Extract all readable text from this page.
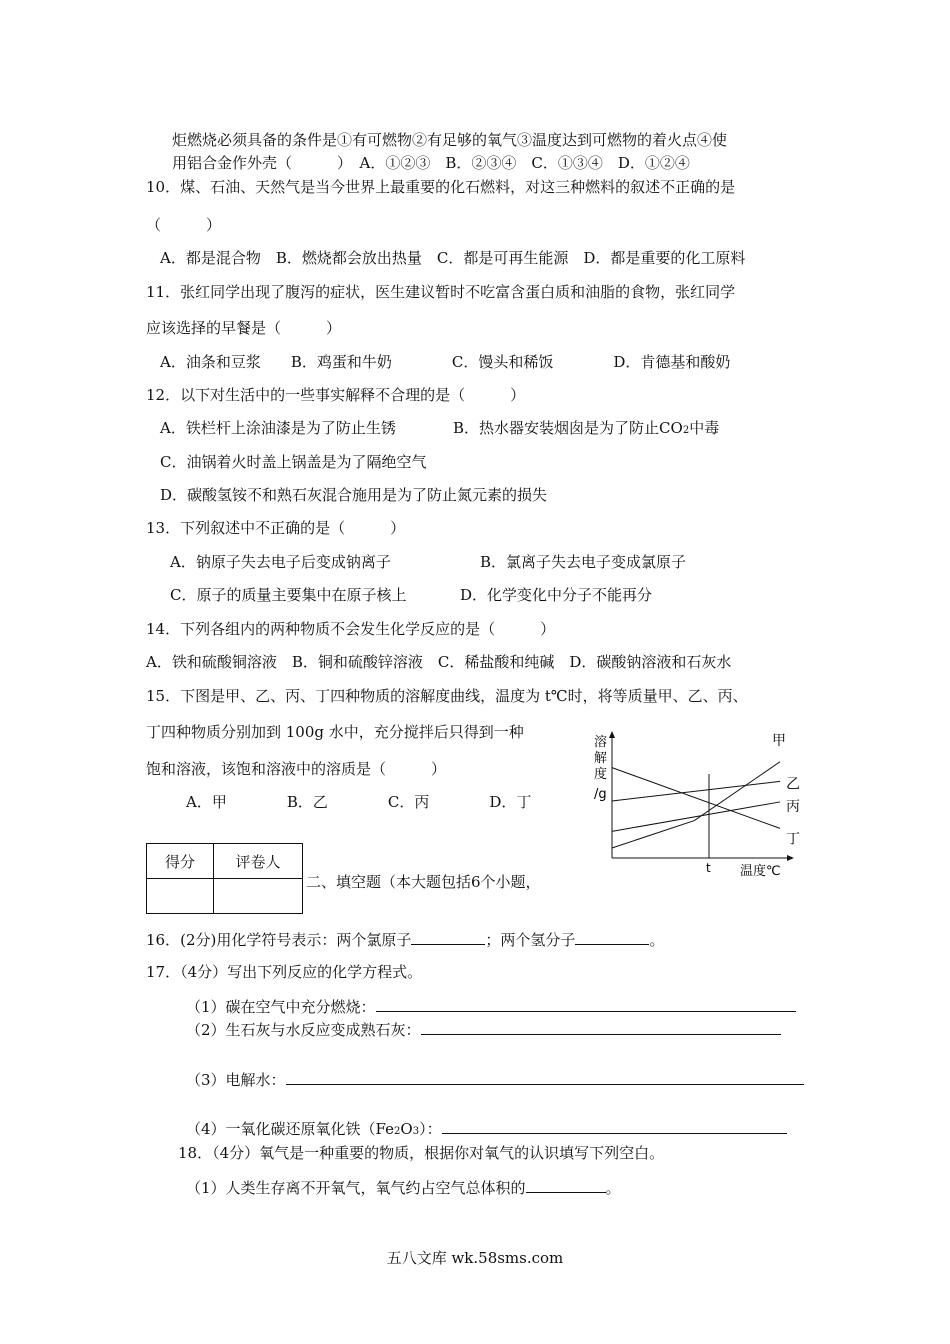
炬燃烧必须具备的条件是①有可燃物②有足够的氧气③温度达到可燃物的着火点④使
用铝合金作外壳（　　　）　A．①②③　B．②③④　C．①③④　D．①②④
10．煤、石油、天然气是当今世界上最重要的化石燃料，对这三种燃料的叙述不正确的是
（　　　）
A．都是混合物　B．燃烧都会放出热量　C．都是可再生能源　D．都是重要的化工原料
11．张红同学出现了腹泻的症状，医生建议暂时不吃富含蛋白质和油脂的食物，张红同学
应该选择的早餐是（　　　）
A．油条和豆浆　　B．鸡蛋和牛奶　　　　C．馒头和稀饭　　　　D．肯德基和酸奶
12．以下对生活中的一些事实解释不合理的是（　　　）
A．铁栏杆上涂油漆是为了防止生锈	B．热水器安装烟囱是为了防止CO2中毒
C．油锅着火时盖上锅盖是为了隔绝空气
D．碳酸氢铵不和熟石灰混合施用是为了防止氮元素的损失
13．下列叙述中不正确的是（　　　）
A．钠原子失去电子后变成钠离子	B．氯离子失去电子变成氯原子
C．原子的质量主要集中在原子核上	D．化学变化中分子不能再分
14．下列各组内的两种物质不会发生化学反应的是（　　　）
A．铁和硫酸铜溶液　B．铜和硫酸锌溶液　C．稀盐酸和纯碱　D．碳酸钠溶液和石灰水
15．下图是甲、乙、丙、丁四种物质的溶解度曲线，温度为 t℃时，将等质量甲、乙、丙、
丁四种物质分别加到 100g 水中，充分搅拌后只得到一种
饱和溶液，该饱和溶液中的溶质是（　　　）
A．甲　　　　B．乙　　　　C．丙　　　　D．丁
甲
乙
丙
丁
溶
解
度
/g
t 温度℃
得分	评卷人

二、填空题（本大题包括6个小题，
16．(2分)用化学符号表示：两个氯原子	；两个氢分子	。
17．（4分）写出下列反应的化学方程式。
（1）碳在空气中充分燃烧：
（2）生石灰与水反应变成熟石灰：
（3）电解水：
（4）一氧化碳还原氧化铁（Fe2O3）：
18．（4分）氧气是一种重要的物质，根据你对氧气的认识填写下列空白。
（1）人类生存离不开氧气，氧气约占空气总体积的	。
五八文库 wk.58sms.com
